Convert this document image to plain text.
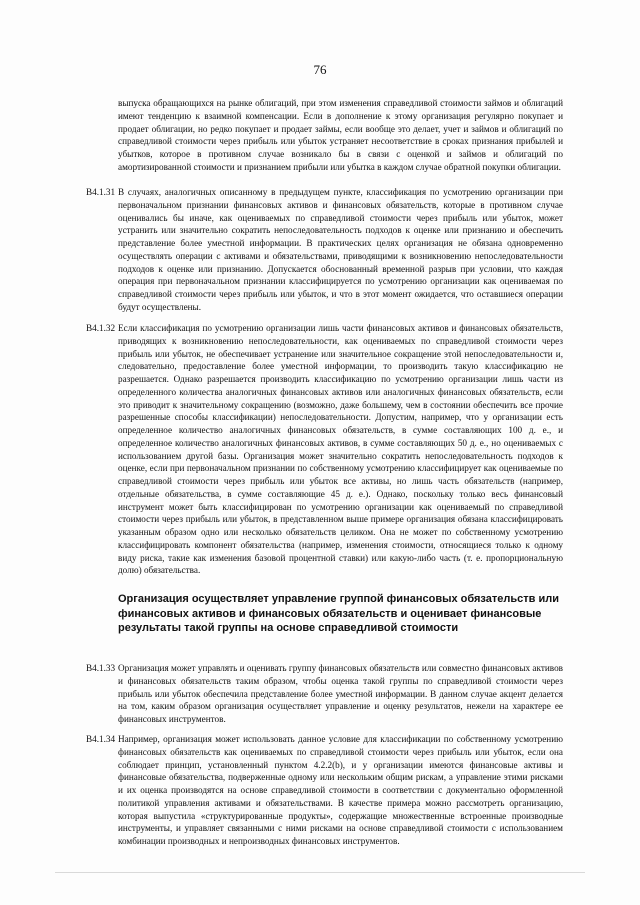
76
выпуска обращающихся на рынке облигаций, при этом изменения справедливой стоимости займов и облигаций имеют тенденцию к взаимной компенсации. Если в дополнение к этому организация регулярно покупает и продает облигации, но редко покупает и продает займы, если вообще это делает, учет и займов и облигаций по справедливой стоимости через прибыль или убыток устраняет несоответствие в сроках признания прибылей и убытков, которое в противном случае возникало бы в связи с оценкой и займов и облигаций по амортизированной стоимости и признанием прибыли или убытка в каждом случае обратной покупки облигации.
B4.1.31 В случаях, аналогичных описанному в предыдущем пункте, классификация по усмотрению организации при первоначальном признании финансовых активов и финансовых обязательств, которые в противном случае оценивались бы иначе, как оцениваемых по справедливой стоимости через прибыль или убыток, может устранить или значительно сократить непоследовательность подходов к оценке или признанию и обеспечить представление более уместной информации. В практических целях организация не обязана одновременно осуществлять операции с активами и обязательствами, приводящими к возникновению непоследовательности подходов к оценке или признанию. Допускается обоснованный временной разрыв при условии, что каждая операция при первоначальном признании классифицируется по усмотрению организации как оцениваемая по справедливой стоимости через прибыль или убыток, и что в этот момент ожидается, что оставшиеся операции будут осуществлены.
B4.1.32 Если классификация по усмотрению организации лишь части финансовых активов и финансовых обязательств, приводящих к возникновению непоследовательности, как оцениваемых по справедливой стоимости через прибыль или убыток, не обеспечивает устранение или значительное сокращение этой непоследовательности и, следовательно, предоставление более уместной информации, то производить такую классификацию не разрешается. Однако разрешается производить классификацию по усмотрению организации лишь части из определенного количества аналогичных финансовых активов или аналогичных финансовых обязательств, если это приводит к значительному сокращению (возможно, даже большему, чем в состоянии обеспечить все прочие разрешенные способы классификации) непоследовательности. Допустим, например, что у организации есть определенное количество аналогичных финансовых обязательств, в сумме составляющих 100 д. е., и определенное количество аналогичных финансовых активов, в сумме составляющих 50 д. е., но оцениваемых с использованием другой базы. Организация может значительно сократить непоследовательность подходов к оценке, если при первоначальном признании по собственному усмотрению классифицирует как оцениваемые по справедливой стоимости через прибыль или убыток все активы, но лишь часть обязательств (например, отдельные обязательства, в сумме составляющие 45 д. е.). Однако, поскольку только весь финансовый инструмент может быть классифицирован по усмотрению организации как оцениваемый по справедливой стоимости через прибыль или убыток, в представленном выше примере организация обязана классифицировать указанным образом одно или несколько обязательств целиком. Она не может по собственному усмотрению классифицировать компонент обязательства (например, изменения стоимости, относящиеся только к одному виду риска, такие как изменения базовой процентной ставки) или какую-либо часть (т. е. пропорциональную долю) обязательства.
Организация осуществляет управление группой финансовых обязательств или финансовых активов и финансовых обязательств и оценивает финансовые результаты такой группы на основе справедливой стоимости
B4.1.33 Организация может управлять и оценивать группу финансовых обязательств или совместно финансовых активов и финансовых обязательств таким образом, чтобы оценка такой группы по справедливой стоимости через прибыль или убыток обеспечила представление более уместной информации. В данном случае акцент делается на том, каким образом организация осуществляет управление и оценку результатов, нежели на характере ее финансовых инструментов.
B4.1.34 Например, организация может использовать данное условие для классификации по собственному усмотрению финансовых обязательств как оцениваемых по справедливой стоимости через прибыль или убыток, если она соблюдает принцип, установленный пунктом 4.2.2(b), и у организации имеются финансовые активы и финансовые обязательства, подверженные одному или нескольким общим рискам, а управление этими рисками и их оценка производятся на основе справедливой стоимости в соответствии с документально оформленной политикой управления активами и обязательствами. В качестве примера можно рассмотреть организацию, которая выпустила «структурированные продукты», содержащие множественные встроенные производные инструменты, и управляет связанными с ними рисками на основе справедливой стоимости с использованием комбинации производных и непроизводных финансовых инструментов.
